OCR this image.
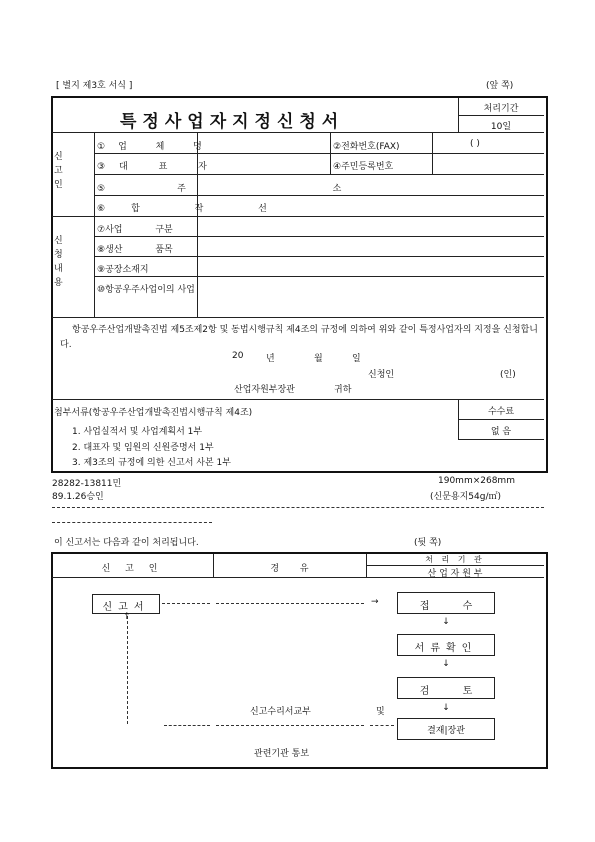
[ 별지 제3호 서식 ]	(앞 쪽)
특정사업자지정신청서
처리기간
10일
신고인
①업 체 명	②전화번호(FAX)	( )
③대 표 자	④주민등록번호
⑤주 소
⑥합 작 선
신청내용
⑦사업 구분
⑧생산 품목
⑨공장소재지
⑩항공우주사업이의 사업
항공우주산업개발촉진법 제5조제2항 및 동법시행규칙 제4조의 규정에 의하여 위와 같이 특정사업자의 지정을 신청합니다.
20	년	월	일
신청인	(인)
산업자원부장관	귀하
첨부서류(항공우주산업개발촉진법시행규칙 제4조)
1. 사업실적서 및 사업계획서 1부
2. 대표자 및 임원의 신원증명서 1부
3. 제3조의 규정에 의한 신고서 사본 1부
수수료
없 음
28282-13811민
89.1.26승인
190mm×268mm
(신문용지54g/㎡)
이 신고서는 다음과 같이 처리됩니다.	(뒷 쪽)
신 고 인	경 유
처 리 기 관
산 업 자 원 부
신고서	→
↑
접 수
↓
서류확인
↓
검 토
↓
결재|장관
신고수리서교부	및
관련기관 통보
